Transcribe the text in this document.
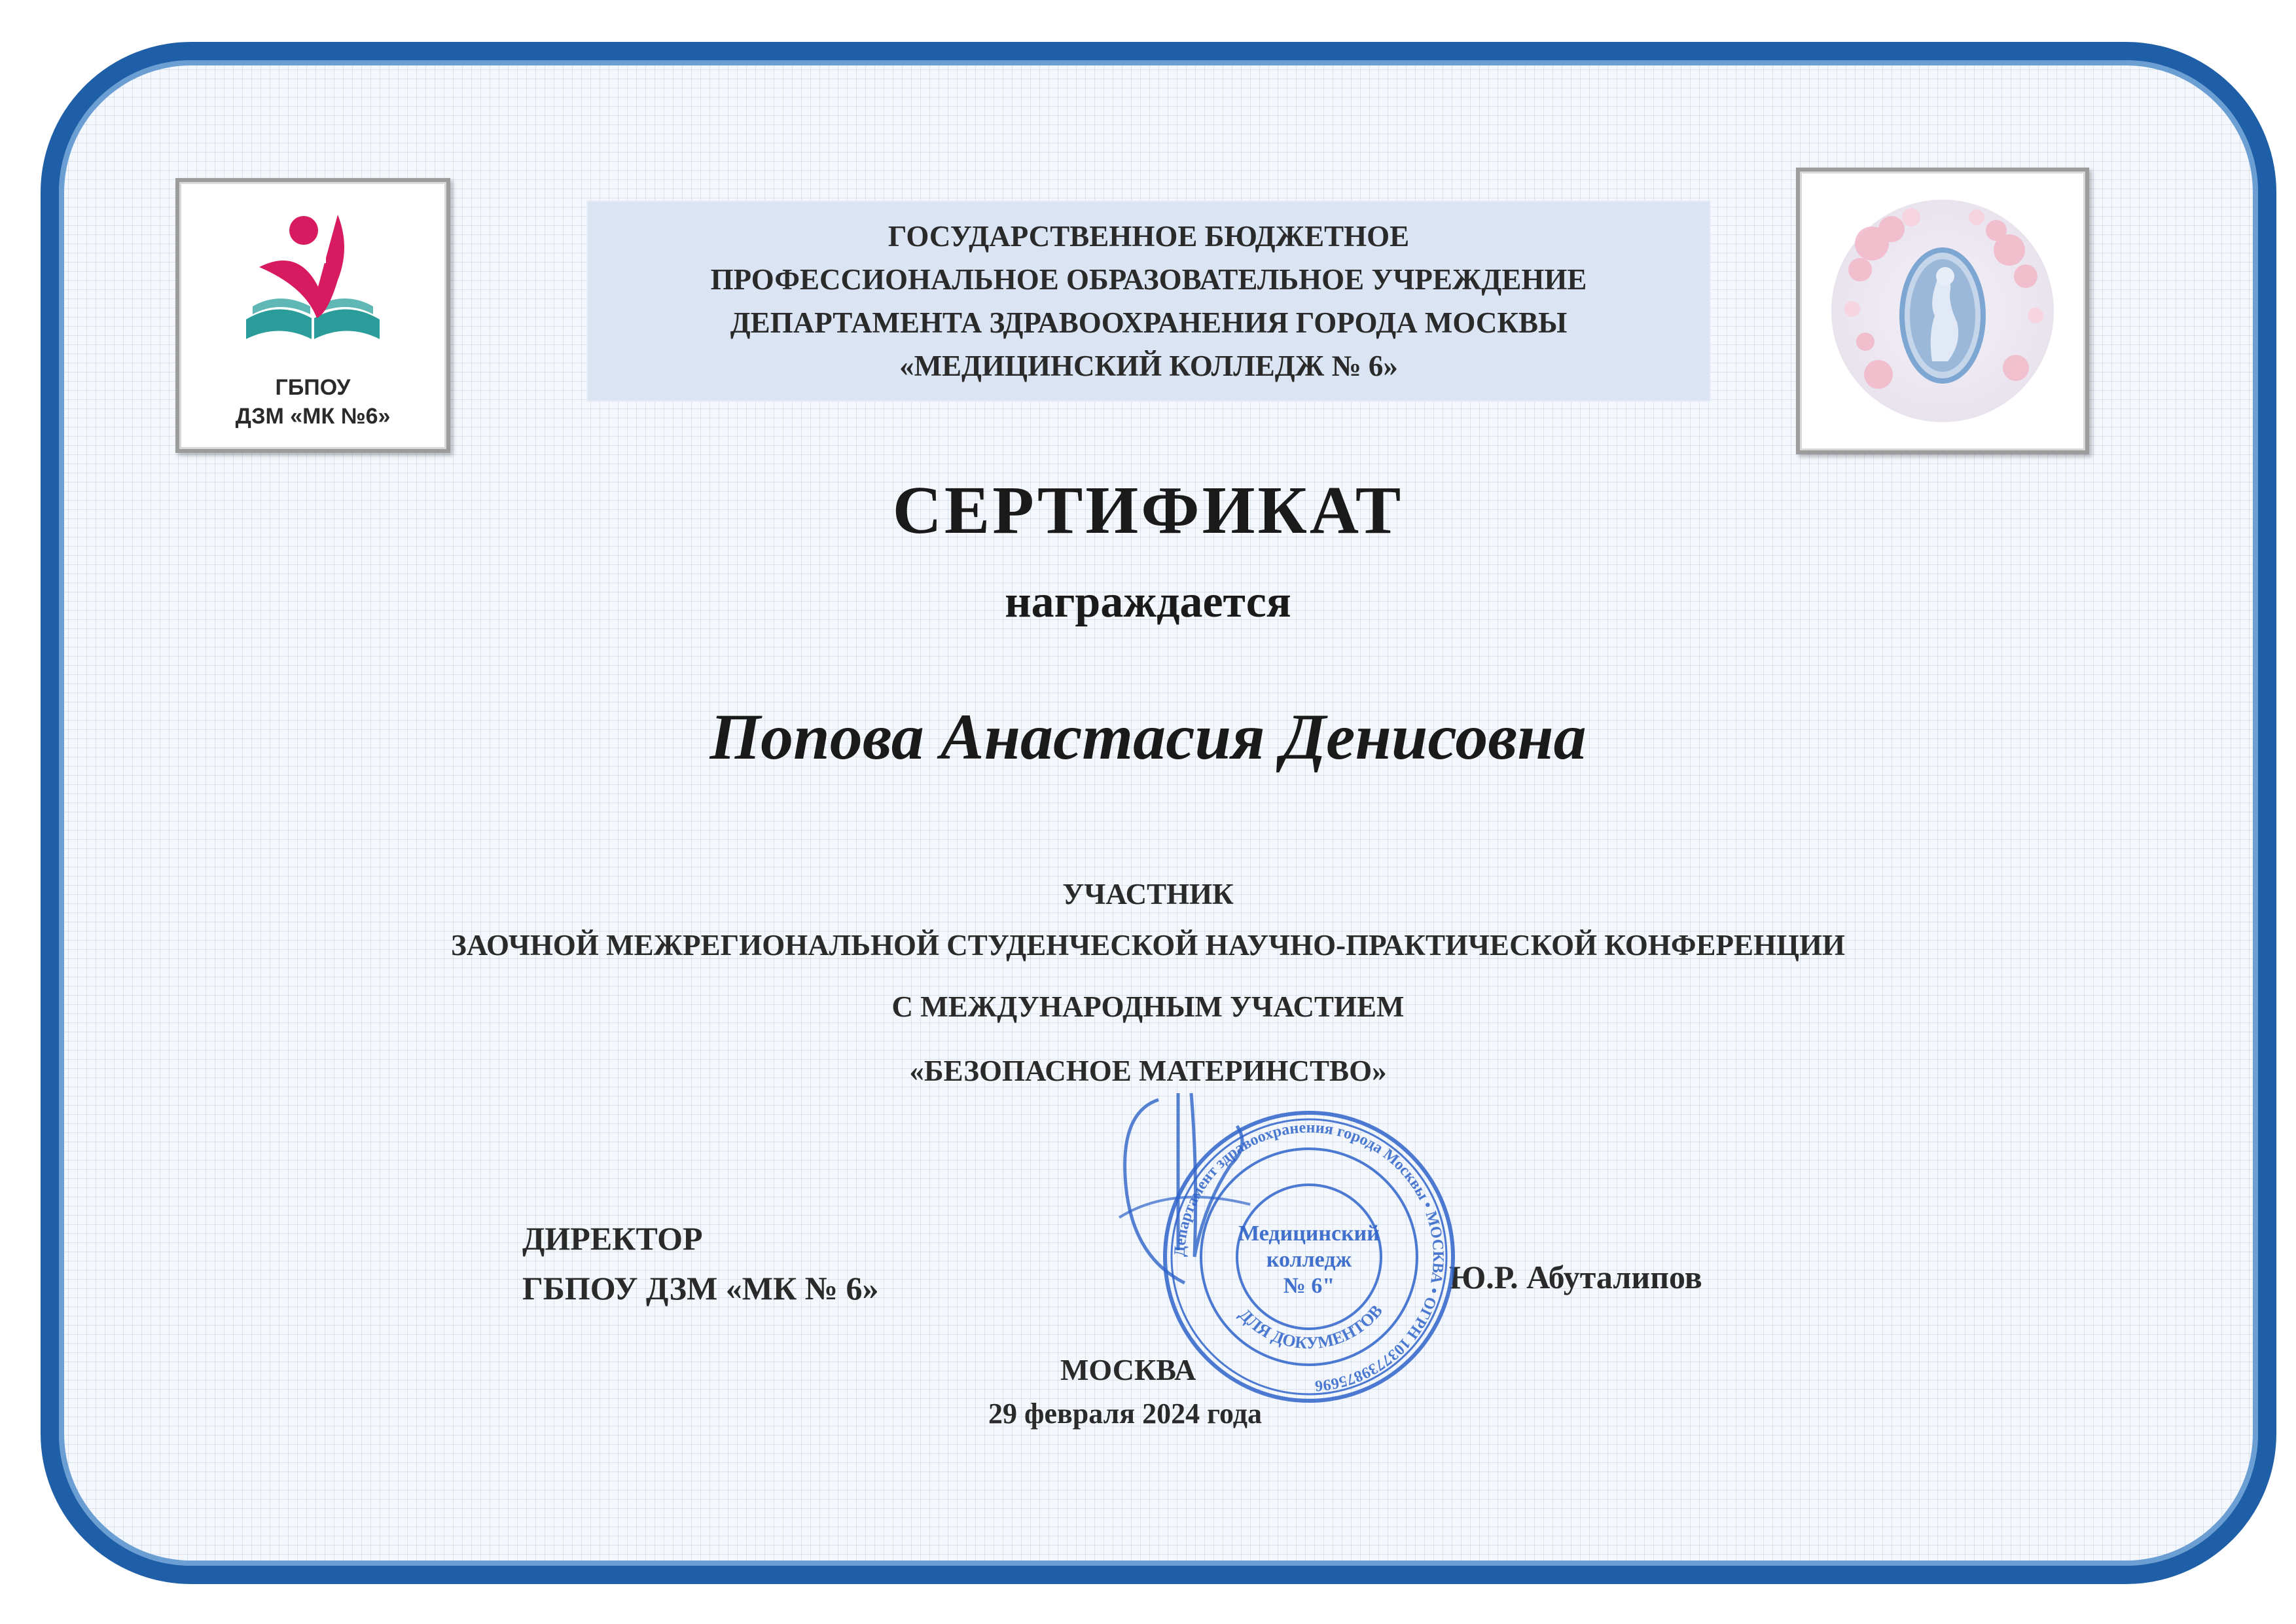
ГБПОУ
ДЗМ «МК №6»
ГОСУДАРСТВЕННОЕ БЮДЖЕТНОЕ
ПРОФЕССИОНАЛЬНОЕ ОБРАЗОВАТЕЛЬНОЕ УЧРЕЖДЕНИЕ
ДЕПАРТАМЕНТА ЗДРАВООХРАНЕНИЯ ГОРОДА МОСКВЫ
«МЕДИЦИНСКИЙ КОЛЛЕДЖ № 6»
СЕРТИФИКАТ
награждается
Попова Анастасия Денисовна
УЧАСТНИК
ЗАОЧНОЙ МЕЖРЕГИОНАЛЬНОЙ СТУДЕНЧЕСКОЙ НАУЧНО-ПРАКТИЧЕСКОЙ КОНФЕРЕНЦИИ
С МЕЖДУНАРОДНЫМ УЧАСТИЕМ
«БЕЗОПАСНОЕ МАТЕРИНСТВО»
ДИРЕКТОР
ГБПОУ ДЗМ «МК № 6»	Ю.Р. Абуталипов
Департамент здравоохранения города Москвы • МОСКВА • ОГРН 1037739875696
ДЛЯ ДОКУМЕНТОВ
Медицинский
колледж
№ 6"
МОСКВА
29 февраля 2024 года
